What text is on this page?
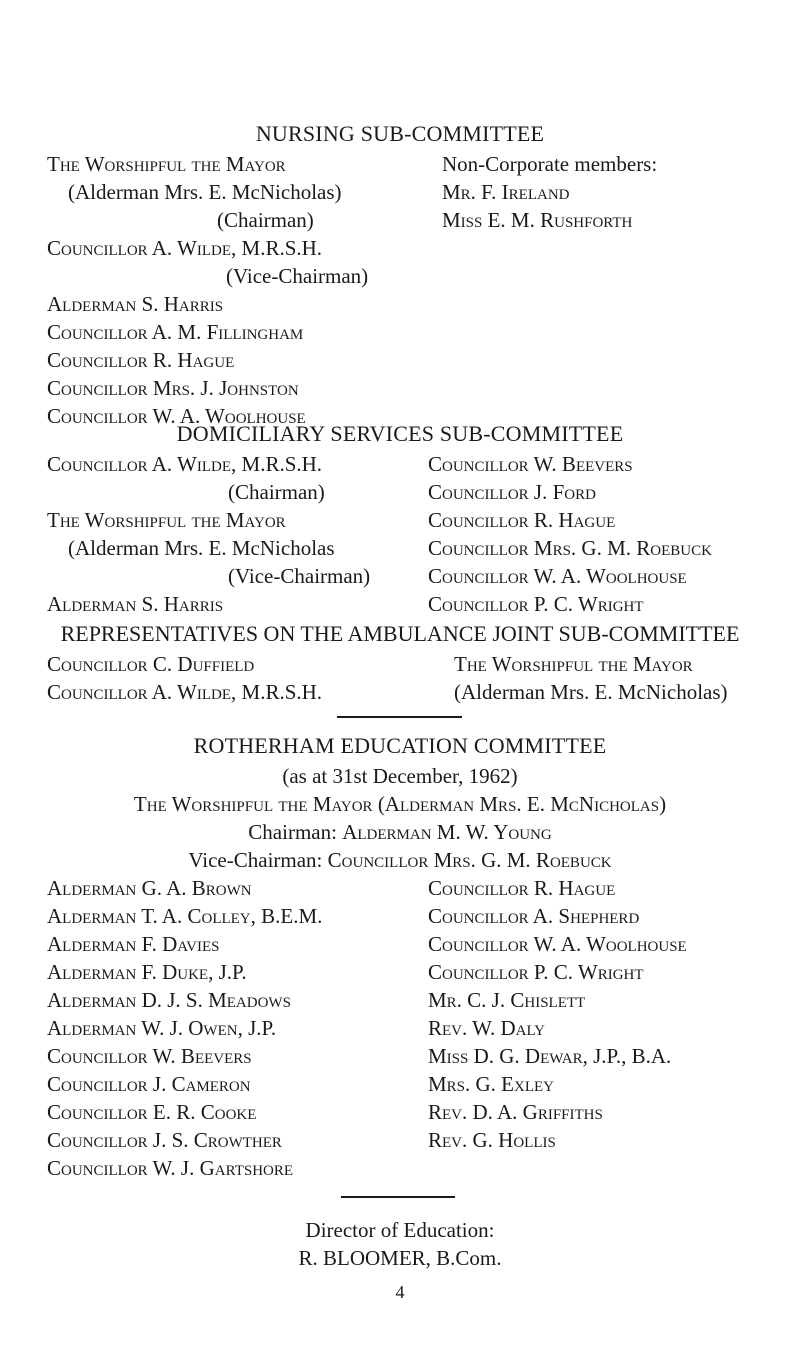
NURSING SUB-COMMITTEE
The Worshipful the Mayor
(Alderman Mrs. E. McNicholas)
(Chairman)
Councillor A. Wilde, M.R.S.H.
(Vice-Chairman)
Alderman S. Harris
Councillor A. M. Fillingham
Councillor R. Hague
Councillor Mrs. J. Johnston
Councillor W. A. Woolhouse
Non-Corporate members:
Mr. F. Ireland
Miss E. M. Rushforth
DOMICILIARY SERVICES SUB-COMMITTEE
Councillor A. Wilde, M.R.S.H.
(Chairman)
The Worshipful the Mayor
(Alderman Mrs. E. McNicholas
(Vice-Chairman)
Alderman S. Harris
Councillor W. Beevers
Councillor J. Ford
Councillor R. Hague
Councillor Mrs. G. M. Roebuck
Councillor W. A. Woolhouse
Councillor P. C. Wright
REPRESENTATIVES ON THE AMBULANCE JOINT SUB-COMMITTEE
Councillor C. Duffield
Councillor A. Wilde, M.R.S.H.
The Worshipful the Mayor
(Alderman Mrs. E. McNicholas)
ROTHERHAM EDUCATION COMMITTEE
(as at 31st December, 1962)
The Worshipful the Mayor (Alderman Mrs. E. McNicholas)
Chairman: Alderman M. W. Young
Vice-Chairman: Councillor Mrs. G. M. Roebuck
Alderman G. A. Brown
Alderman T. A. Colley, B.E.M.
Alderman F. Davies
Alderman F. Duke, J.P.
Alderman D. J. S. Meadows
Alderman W. J. Owen, J.P.
Councillor W. Beevers
Councillor J. Cameron
Councillor E. R. Cooke
Councillor J. S. Crowther
Councillor W. J. Gartshore
Councillor R. Hague
Councillor A. Shepherd
Councillor W. A. Woolhouse
Councillor P. C. Wright
Mr. C. J. Chislett
Rev. W. Daly
Miss D. G. Dewar, J.P., B.A.
Mrs. G. Exley
Rev. D. A. Griffiths
Rev. G. Hollis
Director of Education:
R. BLOOMER, B.Com.
4
